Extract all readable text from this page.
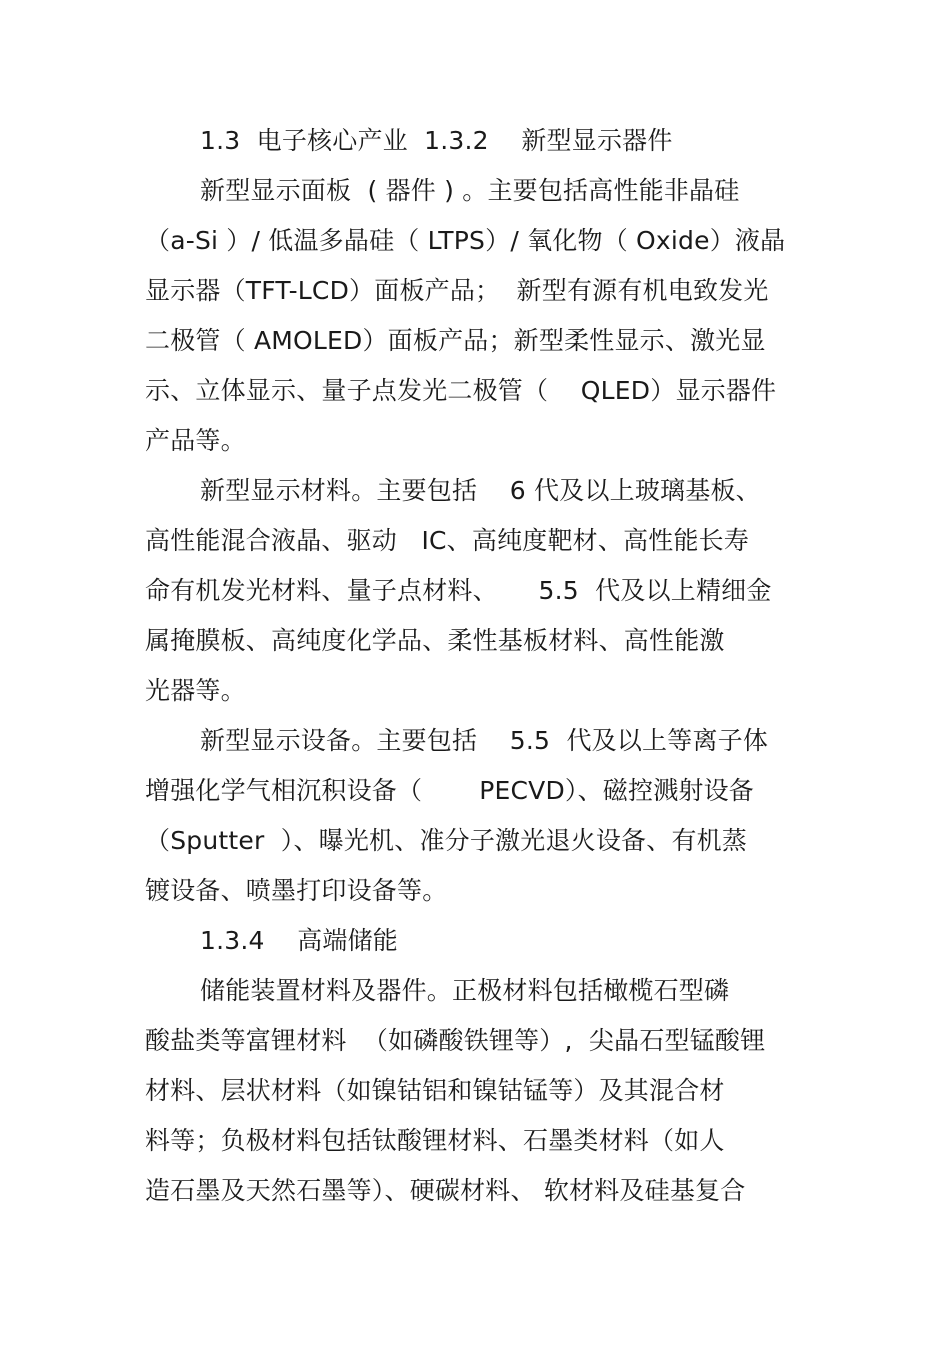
1.3  电子核心产业  1.3.2    新型显示器件
新型显示面板  ( 器件 ) 。主要包括高性能非晶硅
（a-Si ）/ 低温多晶硅（ LTPS）/ 氧化物（ Oxide）液晶
显示器（TFT-LCD）面板产品；  新型有源有机电致发光
二极管（ AMOLED）面板产品；新型柔性显示、激光显
示、立体显示、量子点发光二极管（    QLED）显示器件
产品等。
新型显示材料。主要包括    6 代及以上玻璃基板、
高性能混合液晶、驱动   IC、高纯度靶材、高性能长寿
命有机发光材料、量子点材料、     5.5  代及以上精细金
属掩膜板、高纯度化学品、柔性基板材料、高性能激
光器等。
新型显示设备。主要包括    5.5  代及以上等离子体
增强化学气相沉积设备（       PECVD）、磁控溅射设备
（Sputter  ）、曝光机、准分子激光退火设备、有机蒸
镀设备、喷墨打印设备等。
1.3.4    高端储能
储能装置材料及器件。正极材料包括橄榄石型磷
酸盐类等富锂材料  （如磷酸铁锂等）,  尖晶石型锰酸锂
材料、层状材料（如镍钴铝和镍钴锰等）及其混合材
料等；负极材料包括钛酸锂材料、石墨类材料（如人
造石墨及天然石墨等）、硬碳材料、 软材料及硅基复合
